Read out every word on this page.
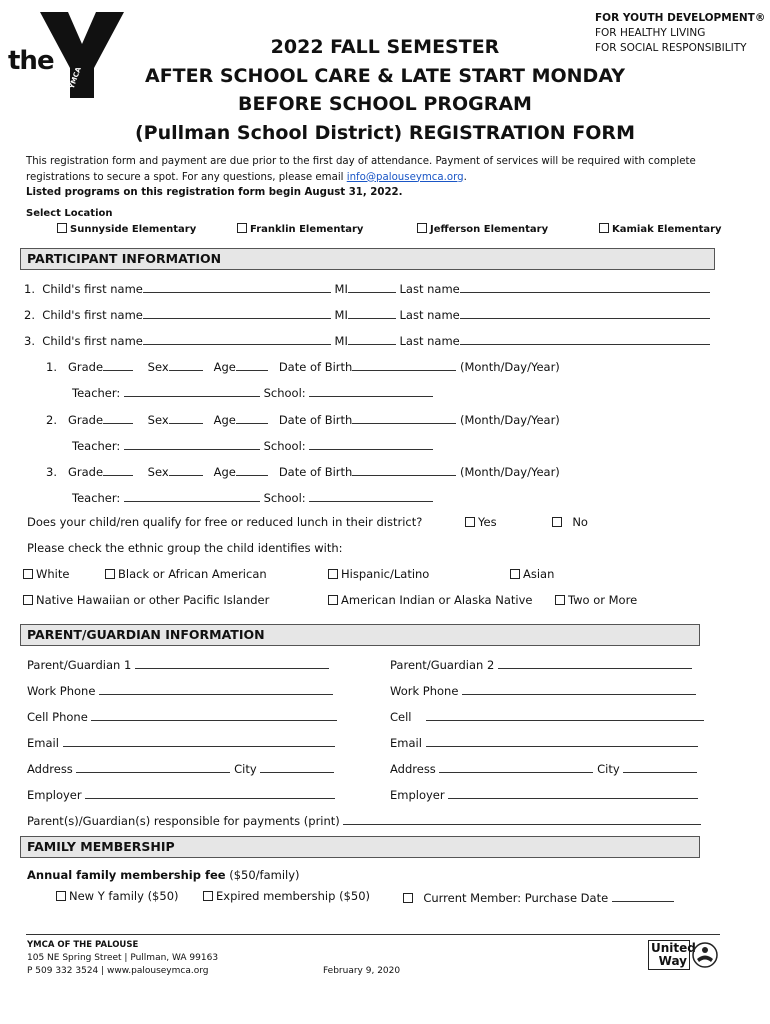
the
YMCA
FOR YOUTH DEVELOPMENT®
FOR HEALTHY LIVING
FOR SOCIAL RESPONSIBILITY
2022 FALL SEMESTER
AFTER SCHOOL CARE & LATE START MONDAY
BEFORE SCHOOL PROGRAM
(Pullman School District) REGISTRATION FORM
This registration form and payment are due prior to the first day of attendance. Payment of services will be required with complete registrations to secure a spot. For any questions, please email info@palouseymca.org.
Listed programs on this registration form begin August 31, 2022.
Select Location
Sunnyside Elementary	Franklin Elementary	Jefferson Elementary	Kamiak Elementary
PARTICIPANT INFORMATION
1. Child's first name	MI	Last name
2. Child's first name	MI	Last name
3. Child's first name	MI	Last name
1. Grade	Sex	Age	Date of Birth	(Month/Day/Year)
Teacher:	School:
2. Grade	Sex	Age	Date of Birth	(Month/Day/Year)
Teacher:	School:
3. Grade	Sex	Age	Date of Birth	(Month/Day/Year)
Teacher:	School:
Does your child/ren qualify for free or reduced lunch in their district?	Yes	No
Please check the ethnic group the child identifies with:
White	Black or African American	Hispanic/Latino	Asian
Native Hawaiian or other Pacific Islander	American Indian or Alaska Native	Two or More
PARENT/GUARDIAN INFORMATION
Parent/Guardian 1
Work Phone
Cell Phone
Email
Address	City
Employer
Parent/Guardian 2
Work Phone
Cell
Email
Address	City
Employer
Parent(s)/Guardian(s) responsible for payments (print)
FAMILY MEMBERSHIP
Annual family membership fee ($50/family)
New Y family ($50)	Expired membership ($50)	Current Member: Purchase Date
YMCA OF THE PALOUSE
105 NE Spring Street | Pullman, WA 99163
P 509 332 3524 | www.palouseymca.org	February 9, 2020
United
Way
